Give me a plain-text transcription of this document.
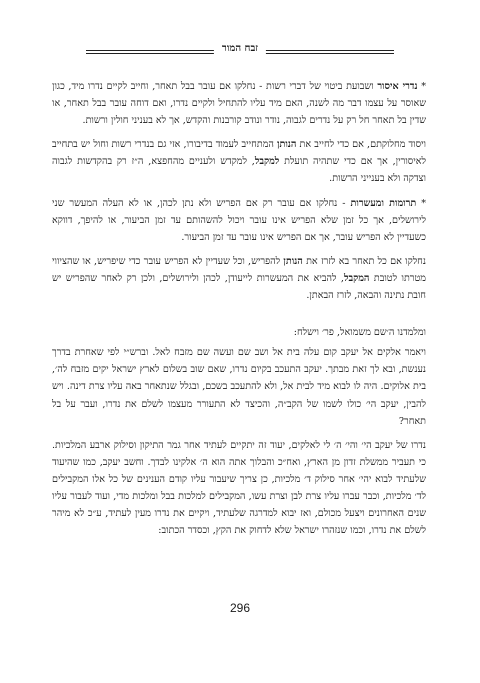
זבח המור

* נדרי איסור ושבועת ביטוי של דברי רשות - נחלקו אם עובר בבל תאחר, וחייב לקיים נדרו מיד, כגון שאוסר על עצמו דבר מה לשנה, האם מיד עליו להתחיל ולקיים נדרו, ואם דוחה עובר בבל תאחר, או שדין בל תאחר חל רק על נדרים לגבוה, נודר ונודב קורבנות והקדש, אך לא בעניני חולין ורשות.

ויסוד מחלוקתם, אם כדי לחייב את הנותן המתחייב לעמוד בדיבורו, אזי גם בנדרי רשות וחול יש בתחייב לאיסורין, אך אם כדי שתהיה תועלת למקבל, למקדש ולעניים מהחפצא, ה״ז רק בהקדשות לגבוה וצדקה ולא בענייני הרשות.

* תרומות ומעשרות - נחלקו אם עובר רק אם הפריש ולא נתן לכהן, או לא העלה המעשר שני לירושלים, אך כל זמן שלא הפריש אינו עובר ויכול להשהותם עד זמן הביעור, או להיפך, דווקא כשעדיין לא הפריש עובר, אך אם הפריש אינו עובר עד זמן הביעור.

נחלקו אם כל תאחר בא לזרז את הנותן להפריש, וכל שעדיין לא הפריש עובר כדי שיפריש, או שהציווי מטרתו לטובת המקבל, להביא את המעשרות לייעודן, לכהן ולירושלים, ולכן רק לאחר שהפריש יש חובת נתינה והבאה, לזרז הבאתן.

ומלמדנו ה׳שם משמואל, פר׳ וישלח:

ויאמר אלקים אל יעקב קום עלה בית אל ושב שם ועשה שם מזבח לאל. וברש״י לפי שאחרת בדרך נענשת, ובא לך זאת מבתך. יעקב התעכב בקיום נדרו, שאם שוב בשלום לארץ ישראל יקים מזבח לה׳, בית אלוקים. היה לו לבוא מיד לבית אל, ולא להתעכב בשכם, ובגלל שנתאחר באה עליו צרת דינה. ויש להבין, יעקב הי׳ כולו לשמו של הקב״ה, והכיצד לא התעורר מעצמו לשלם את נדרו, ועבר על בל תאחר?

נדרו של יעקב הי׳ והי׳ ה׳ לי לאלקים, יעוד זה יתקיים לעתיד אחר גמר התיקון וסילוק ארבע המלכיות. כי תעביר ממשלת זדון מן הארץ, ואח״כ והבלוך אתה הוא ה׳ אלקינו לבדך. וחשב יעקב, כמו שהיעוד שלעתיד לבוא יהי׳ אחר סילוק ד׳ מלכיות, כן צריך שיעבור עליו קודם הענינים של כל אלו המקבילים לד׳ מלכיות, וכבר עברו עליו צרת לבן וצרת עשו, המקבילים למלכות בבל ומלכות מדי, ועוד לעבור עליו שנים האחרונים ויצעל מכולם, ואז יבוא למדרגה שלעתיד, ויקיים את נדרו מעין לעתיד, ע״כ לא מיהר לשלם את נדרו, וכמו שנזהרו ישראל שלא לדחוק את הקץ, וכסדר הכתוב:

296
